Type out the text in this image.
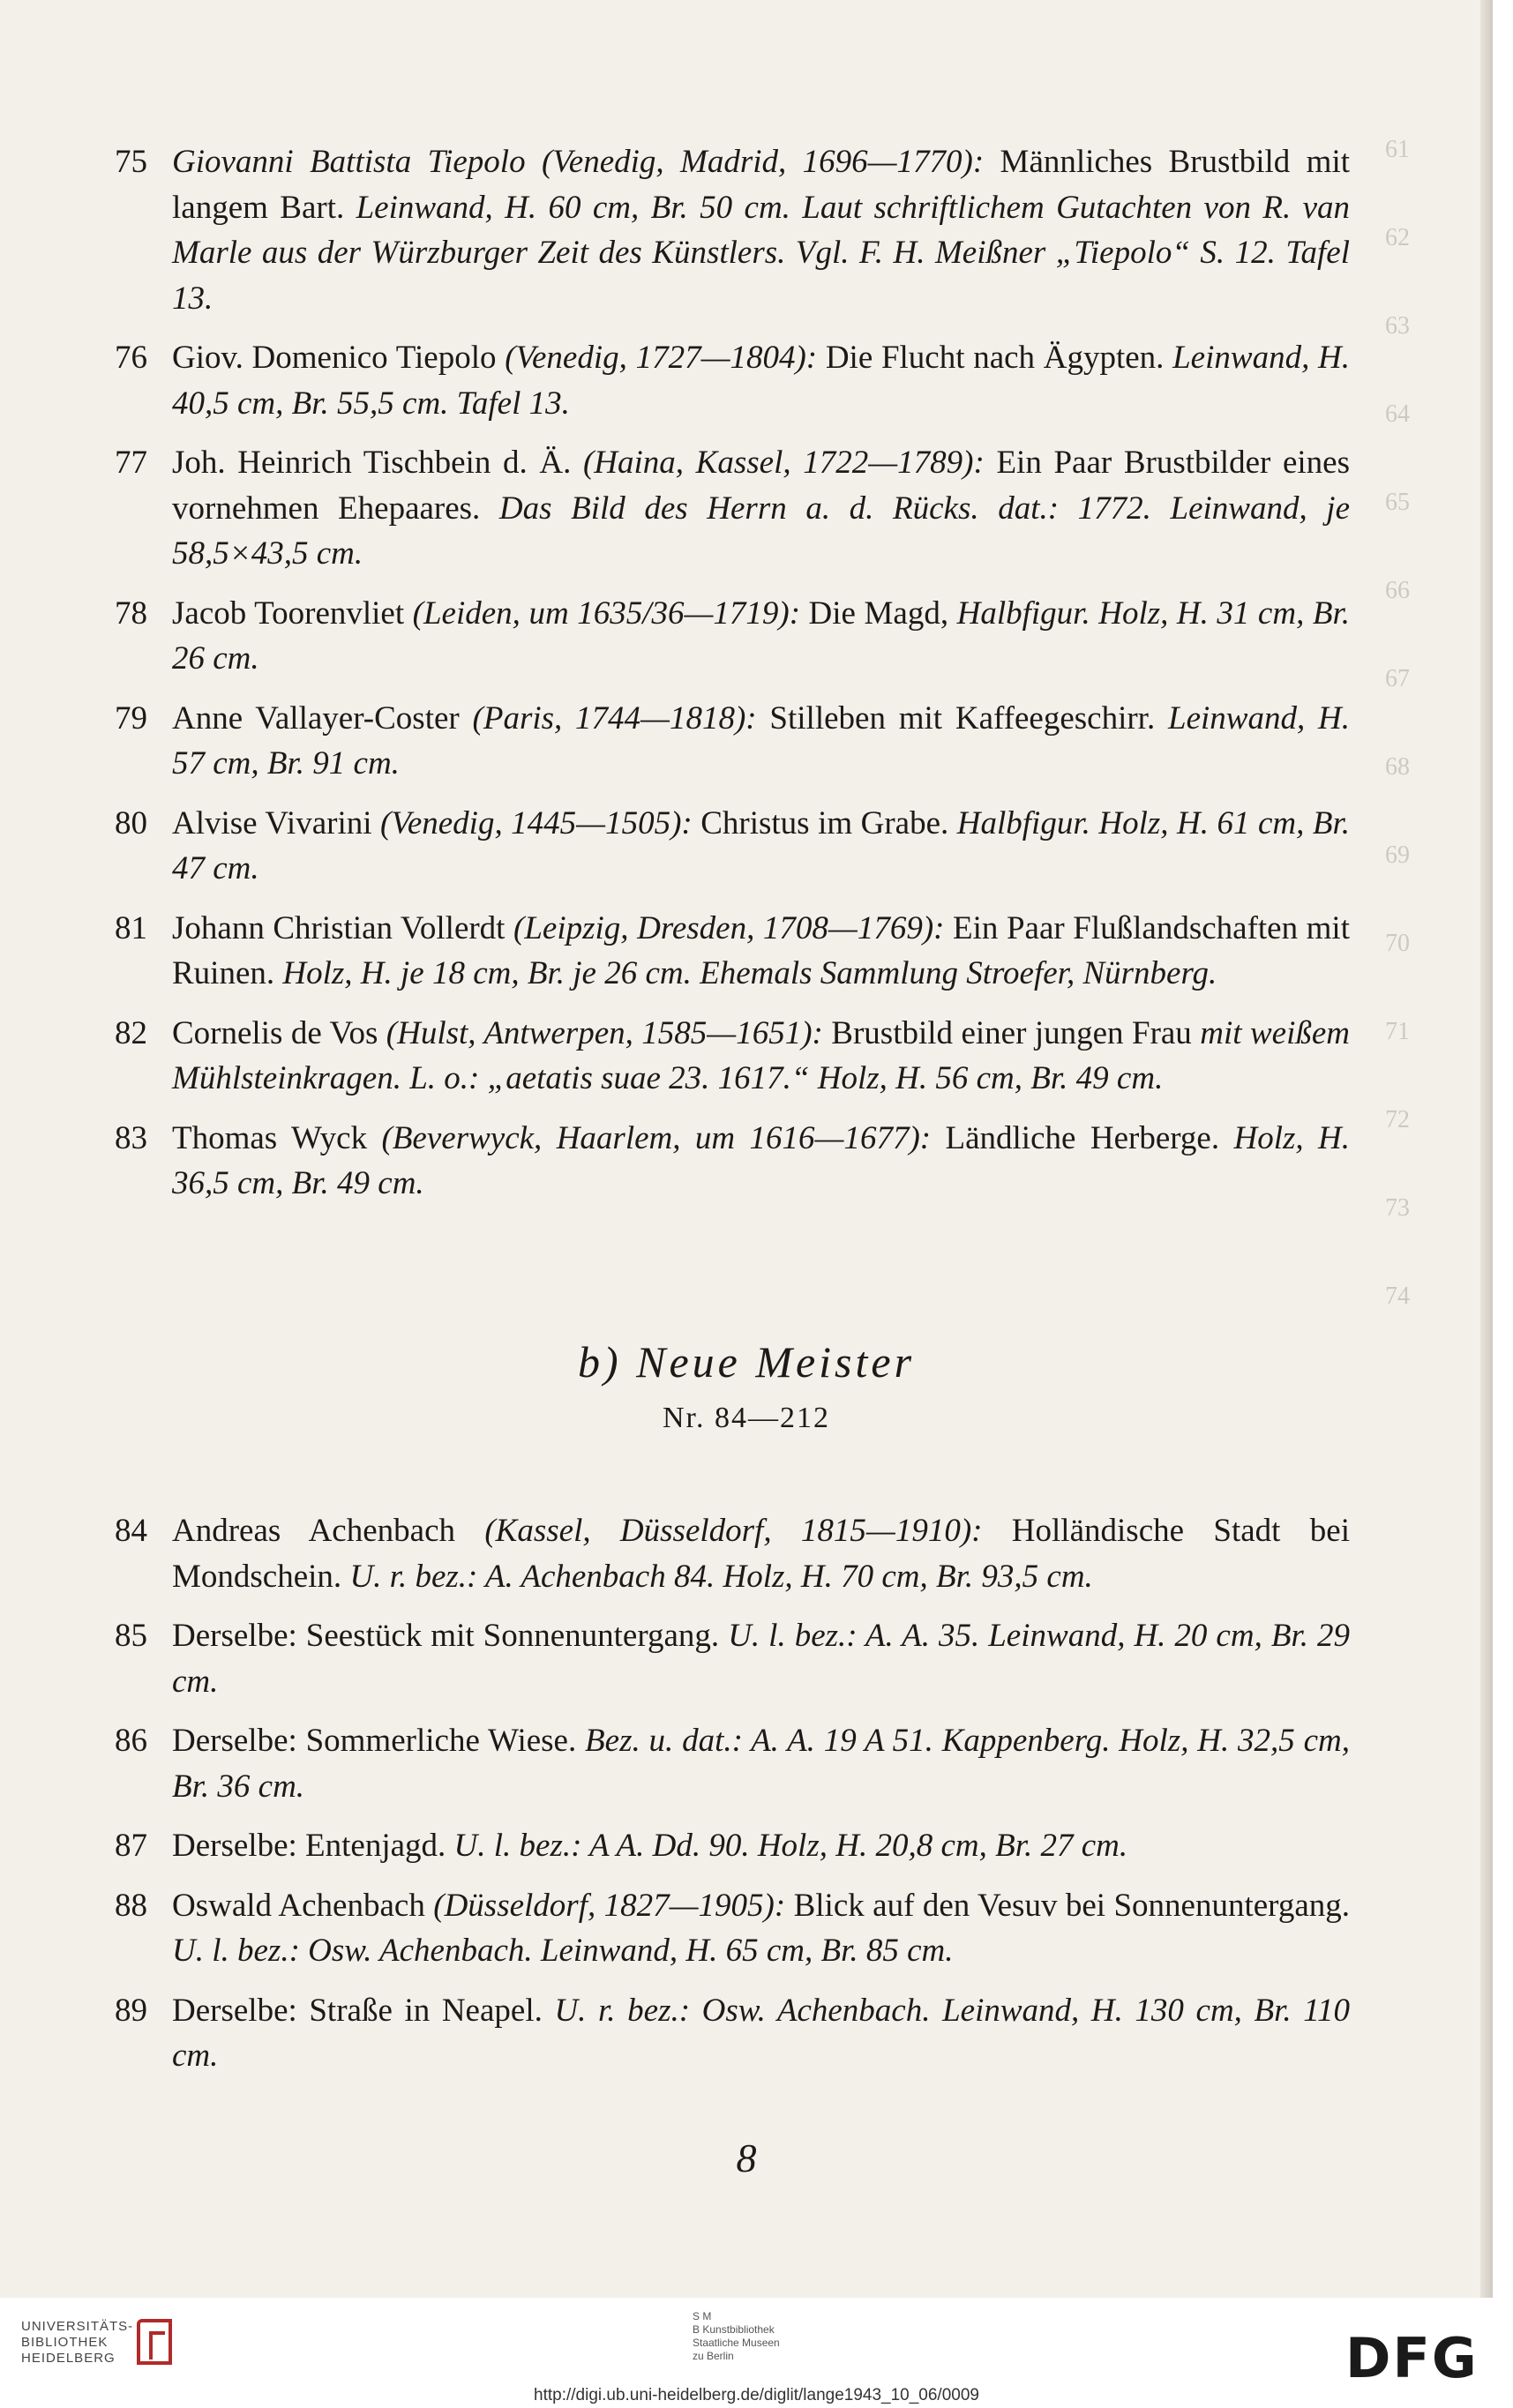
61
62
63
64
65
66
67
68
69
70
71
72
73
74
75 Giovanni Battista Tiepolo (Venedig, Madrid, 1696—1770): Männliches Brustbild mit langem Bart. Leinwand, H. 60 cm, Br. 50 cm. Laut schriftlichem Gutachten von R. van Marle aus der Würzburger Zeit des Künstlers. Vgl. F. H. Meißner „Tiepolo“ S. 12. Tafel 13.
76 Giov. Domenico Tiepolo (Venedig, 1727—1804): Die Flucht nach Ägypten. Leinwand, H. 40,5 cm, Br. 55,5 cm. Tafel 13.
77 Joh. Heinrich Tischbein d. Ä. (Haina, Kassel, 1722—1789): Ein Paar Brustbilder eines vornehmen Ehepaares. Das Bild des Herrn a. d. Rücks. dat.: 1772. Leinwand, je 58,5×43,5 cm.
78 Jacob Toorenvliet (Leiden, um 1635/36—1719): Die Magd, Halbfigur. Holz, H. 31 cm, Br. 26 cm.
79 Anne Vallayer-Coster (Paris, 1744—1818): Stilleben mit Kaffeegeschirr. Leinwand, H. 57 cm, Br. 91 cm.
80 Alvise Vivarini (Venedig, 1445—1505): Christus im Grabe. Halbfigur. Holz, H. 61 cm, Br. 47 cm.
81 Johann Christian Vollerdt (Leipzig, Dresden, 1708—1769): Ein Paar Flußlandschaften mit Ruinen. Holz, H. je 18 cm, Br. je 26 cm. Ehemals Sammlung Stroefer, Nürnberg.
82 Cornelis de Vos (Hulst, Antwerpen, 1585—1651): Brustbild einer jungen Frau mit weißem Mühlsteinkragen. L. o.: „aetatis suae 23. 1617.“ Holz, H. 56 cm, Br. 49 cm.
83 Thomas Wyck (Beverwyck, Haarlem, um 1616—1677): Ländliche Herberge. Holz, H. 36,5 cm, Br. 49 cm.
b) Neue Meister
Nr. 84—212
84 Andreas Achenbach (Kassel, Düsseldorf, 1815—1910): Holländische Stadt bei Mondschein. U. r. bez.: A. Achenbach 84. Holz, H. 70 cm, Br. 93,5 cm.
85 Derselbe: Seestück mit Sonnenuntergang. U. l. bez.: A. A. 35. Leinwand, H. 20 cm, Br. 29 cm.
86 Derselbe: Sommerliche Wiese. Bez. u. dat.: A. A. 19 A 51. Kappenberg. Holz, H. 32,5 cm, Br. 36 cm.
87 Derselbe: Entenjagd. U. l. bez.: A A. Dd. 90. Holz, H. 20,8 cm, Br. 27 cm.
88 Oswald Achenbach (Düsseldorf, 1827—1905): Blick auf den Vesuv bei Sonnenuntergang. U. l. bez.: Osw. Achenbach. Leinwand, H. 65 cm, Br. 85 cm.
89 Derselbe: Straße in Neapel. U. r. bez.: Osw. Achenbach. Leinwand, H. 130 cm, Br. 110 cm.
8
UNIVERSITÄTS-
BIBLIOTHEK
HEIDELBERG
S M
B Kunstbibliothek
Staatliche Museen
zu Berlin	DFG
http://digi.ub.uni-heidelberg.de/diglit/lange1943_10_06/0009
